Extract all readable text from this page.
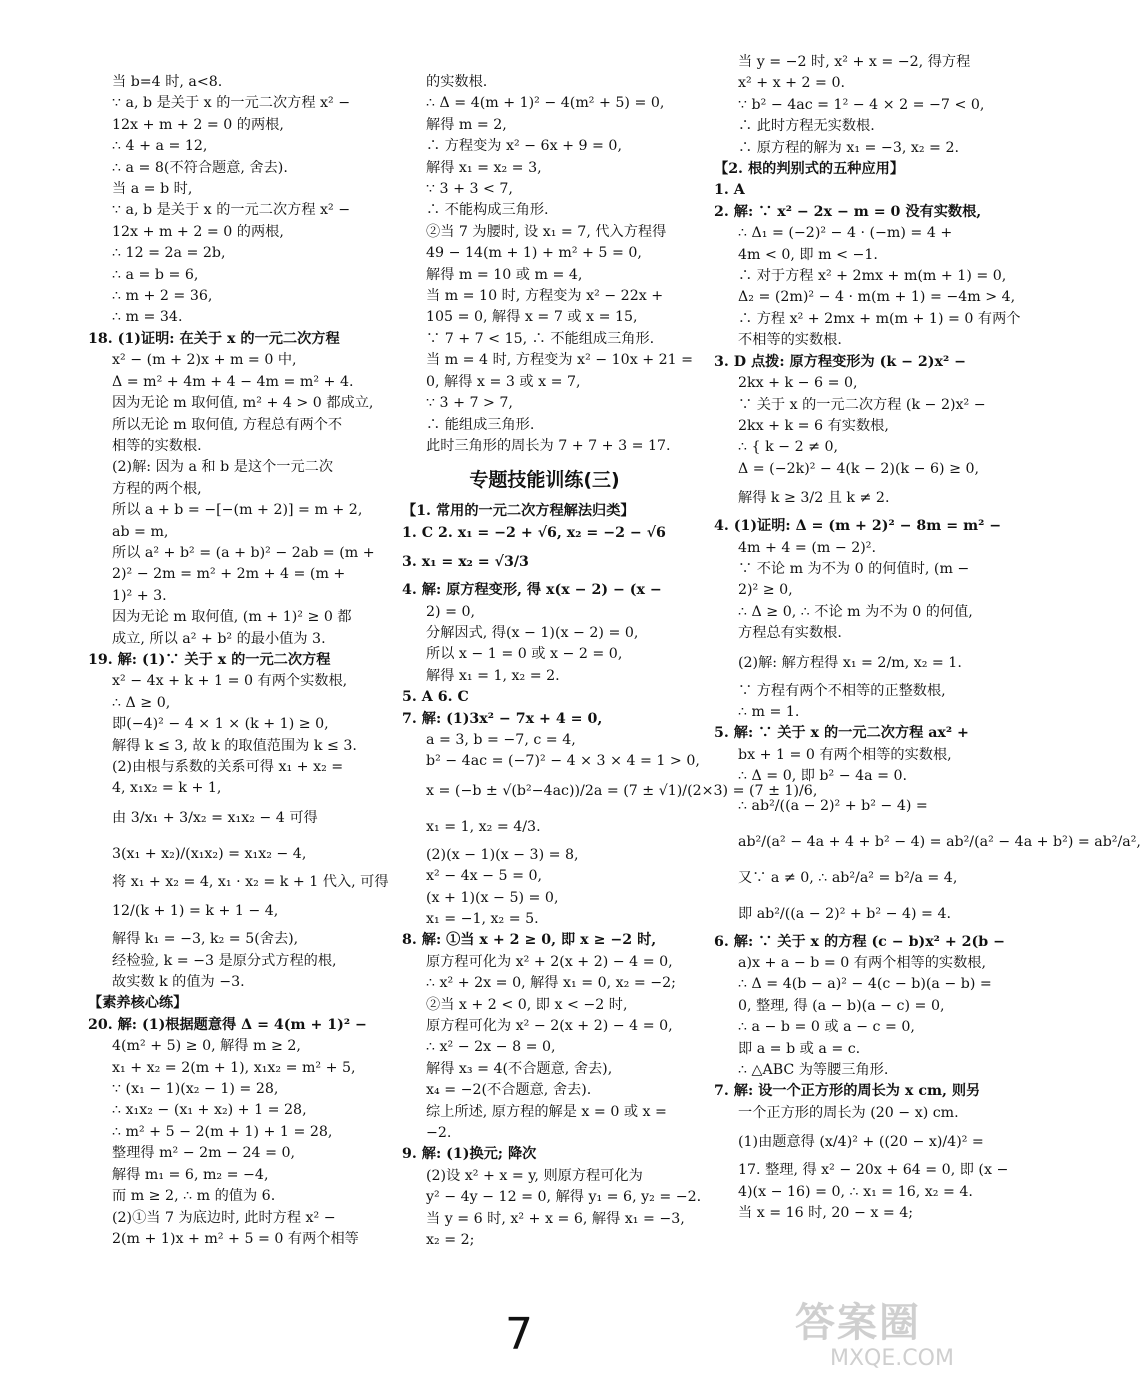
当 b=4 时, a<8.
∵ a, b 是关于 x 的一元二次方程 x² −
12x + m + 2 = 0 的两根,
∴ 4 + a = 12,
∴ a = 8(不符合题意, 舍去).
当 a = b 时,
∵ a, b 是关于 x 的一元二次方程 x² −
12x + m + 2 = 0 的两根,
∴ 12 = 2a = 2b,
∴ a = b = 6,
∴ m + 2 = 36,
∴ m = 34.
18. (1)证明: 在关于 x 的一元二次方程
x² − (m + 2)x + m = 0 中,
Δ = m² + 4m + 4 − 4m = m² + 4.
因为无论 m 取何值, m² + 4 > 0 都成立,
所以无论 m 取何值, 方程总有两个不
相等的实数根.
(2)解: 因为 a 和 b 是这个一元二次
方程的两个根,
所以 a + b = −[−(m + 2)] = m + 2,
ab = m,
所以 a² + b² = (a + b)² − 2ab = (m +
2)² − 2m = m² + 2m + 4 = (m +
1)² + 3.
因为无论 m 取何值, (m + 1)² ≥ 0 都
成立, 所以 a² + b² 的最小值为 3.
19. 解: (1)∵ 关于 x 的一元二次方程
x² − 4x + k + 1 = 0 有两个实数根,
∴ Δ ≥ 0,
即(−4)² − 4 × 1 × (k + 1) ≥ 0,
解得 k ≤ 3, 故 k 的取值范围为 k ≤ 3.
(2)由根与系数的关系可得 x₁ + x₂ =
4, x₁x₂ = k + 1,
由 3/x₁ + 3/x₂ = x₁x₂ − 4 可得
3(x₁ + x₂)/(x₁x₂) = x₁x₂ − 4,
将 x₁ + x₂ = 4, x₁ · x₂ = k + 1 代入, 可得
12/(k + 1) = k + 1 − 4,
解得 k₁ = −3, k₂ = 5(舍去),
经检验, k = −3 是原分式方程的根,
故实数 k 的值为 −3.
【素养核心练】
20. 解: (1)根据题意得 Δ = 4(m + 1)² −
4(m² + 5) ≥ 0, 解得 m ≥ 2,
x₁ + x₂ = 2(m + 1), x₁x₂ = m² + 5,
∵ (x₁ − 1)(x₂ − 1) = 28,
∴ x₁x₂ − (x₁ + x₂) + 1 = 28,
∴ m² + 5 − 2(m + 1) + 1 = 28,
整理得 m² − 2m − 24 = 0,
解得 m₁ = 6, m₂ = −4,
而 m ≥ 2, ∴ m 的值为 6.
(2)①当 7 为底边时, 此时方程 x² −
2(m + 1)x + m² + 5 = 0 有两个相等
的实数根.
∴ Δ = 4(m + 1)² − 4(m² + 5) = 0,
解得 m = 2,
∴ 方程变为 x² − 6x + 9 = 0,
解得 x₁ = x₂ = 3,
∵ 3 + 3 < 7,
∴ 不能构成三角形.
②当 7 为腰时, 设 x₁ = 7, 代入方程得
49 − 14(m + 1) + m² + 5 = 0,
解得 m = 10 或 m = 4,
当 m = 10 时, 方程变为 x² − 22x +
105 = 0, 解得 x = 7 或 x = 15,
∵ 7 + 7 < 15, ∴ 不能组成三角形.
当 m = 4 时, 方程变为 x² − 10x + 21 =
0, 解得 x = 3 或 x = 7,
∵ 3 + 7 > 7,
∴ 能组成三角形.
此时三角形的周长为 7 + 7 + 3 = 17.
专题技能训练(三)
【1. 常用的一元二次方程解法归类】
1. C 2. x₁ = −2 + √6, x₂ = −2 − √6
3. x₁ = x₂ = √3/3
4. 解: 原方程变形, 得 x(x − 2) − (x −
2) = 0,
分解因式, 得(x − 1)(x − 2) = 0,
所以 x − 1 = 0 或 x − 2 = 0,
解得 x₁ = 1, x₂ = 2.
5. A 6. C
7. 解: (1)3x² − 7x + 4 = 0,
a = 3, b = −7, c = 4,
b² − 4ac = (−7)² − 4 × 3 × 4 = 1 > 0,
x = (−b ± √(b²−4ac))/2a = (7 ± √1)/(2×3) = (7 ± 1)/6,
x₁ = 1, x₂ = 4/3.
(2)(x − 1)(x − 3) = 8,
x² − 4x − 5 = 0,
(x + 1)(x − 5) = 0,
x₁ = −1, x₂ = 5.
8. 解: ①当 x + 2 ≥ 0, 即 x ≥ −2 时,
原方程可化为 x² + 2(x + 2) − 4 = 0,
∴ x² + 2x = 0, 解得 x₁ = 0, x₂ = −2;
②当 x + 2 < 0, 即 x < −2 时,
原方程可化为 x² − 2(x + 2) − 4 = 0,
∴ x² − 2x − 8 = 0,
解得 x₃ = 4(不合题意, 舍去),
x₄ = −2(不合题意, 舍去).
综上所述, 原方程的解是 x = 0 或 x =
−2.
9. 解: (1)换元; 降次
(2)设 x² + x = y, 则原方程可化为
y² − 4y − 12 = 0, 解得 y₁ = 6, y₂ = −2.
当 y = 6 时, x² + x = 6, 解得 x₁ = −3,
x₂ = 2;
当 y = −2 时, x² + x = −2, 得方程
x² + x + 2 = 0.
∵ b² − 4ac = 1² − 4 × 2 = −7 < 0,
∴ 此时方程无实数根.
∴ 原方程的解为 x₁ = −3, x₂ = 2.
【2. 根的判别式的五种应用】
1. A
2. 解: ∵ x² − 2x − m = 0 没有实数根,
∴ Δ₁ = (−2)² − 4 · (−m) = 4 +
4m < 0, 即 m < −1.
∴ 对于方程 x² + 2mx + m(m + 1) = 0,
Δ₂ = (2m)² − 4 · m(m + 1) = −4m > 4,
∴ 方程 x² + 2mx + m(m + 1) = 0 有两个
不相等的实数根.
3. D 点拨: 原方程变形为 (k − 2)x² −
2kx + k − 6 = 0,
∵ 关于 x 的一元二次方程 (k − 2)x² −
2kx + k = 6 有实数根,
∴ { k − 2 ≠ 0,
Δ = (−2k)² − 4(k − 2)(k − 6) ≥ 0,
解得 k ≥ 3/2 且 k ≠ 2.
4. (1)证明: Δ = (m + 2)² − 8m = m² −
4m + 4 = (m − 2)².
∵ 不论 m 为不为 0 的何值时, (m −
2)² ≥ 0,
∴ Δ ≥ 0, ∴ 不论 m 为不为 0 的何值,
方程总有实数根.
(2)解: 解方程得 x₁ = 2/m, x₂ = 1.
∵ 方程有两个不相等的正整数根,
∴ m = 1.
5. 解: ∵ 关于 x 的一元二次方程 ax² +
bx + 1 = 0 有两个相等的实数根,
∴ Δ = 0, 即 b² − 4a = 0.
∴ ab²/((a − 2)² + b² − 4) =
ab²/(a² − 4a + 4 + b² − 4) = ab²/(a² − 4a + b²) = ab²/a²,
又∵ a ≠ 0, ∴ ab²/a² = b²/a = 4,
即 ab²/((a − 2)² + b² − 4) = 4.
6. 解: ∵ 关于 x 的方程 (c − b)x² + 2(b −
a)x + a − b = 0 有两个相等的实数根,
∴ Δ = 4(b − a)² − 4(c − b)(a − b) =
0, 整理, 得 (a − b)(a − c) = 0,
∴ a − b = 0 或 a − c = 0,
即 a = b 或 a = c.
∴ △ABC 为等腰三角形.
7. 解: 设一个正方形的周长为 x cm, 则另
一个正方形的周长为 (20 − x) cm.
(1)由题意得 (x/4)² + ((20 − x)/4)² =
17. 整理, 得 x² − 20x + 64 = 0, 即 (x −
4)(x − 16) = 0, ∴ x₁ = 16, x₂ = 4.
当 x = 16 时, 20 − x = 4;
7	答案圈
MXQE.COM
